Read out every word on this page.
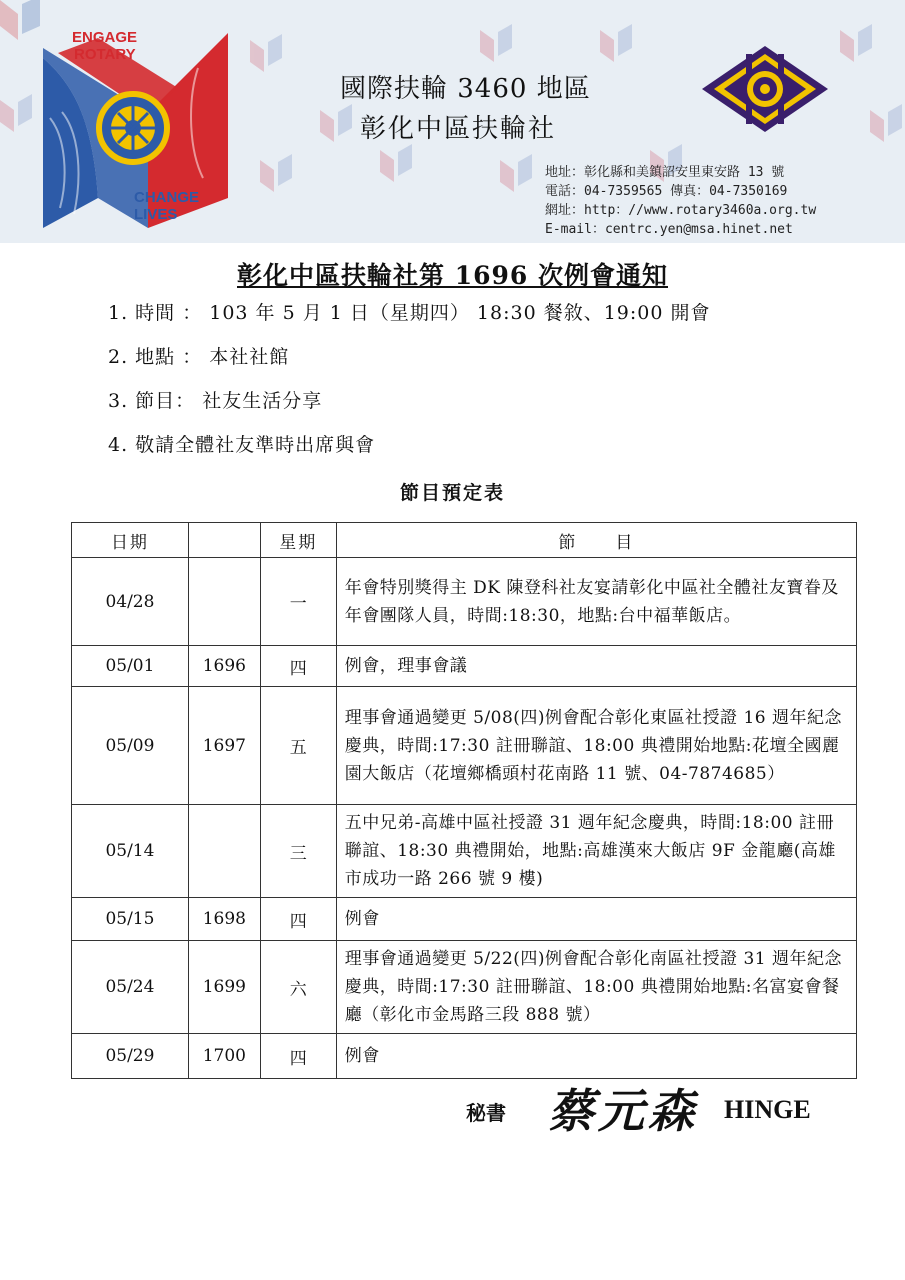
ENGAGE
ROTARY
CHANGE
LIVES
國際扶輪 3460 地區
彰化中區扶輪社
地址：彰化縣和美鎮詔安里東安路 13 號
電話：04-7359565 傳真：04-7350169
網址：http：//www.rotary3460a.org.tw
E-mail：centrc.yen@msa.hinet.net
彰化中區扶輪社第 1696 次例會通知
1. 時間 ： 103 年 5 月 1 日（星期四） 18:30 餐敘、19:00 開會
2. 地點 ： 本社社館
3. 節目： 社友生活分享
4. 敬請全體社友準時出席與會
節目預定表
日期		星期	節　　目
04/28		一	年會特別獎得主 DK 陳登科社友宴請彰化中區社全體社友寶眷及年會團隊人員，時間:18:30，地點:台中福華飯店。
05/01	1696	四	例會，理事會議
05/09	1697	五	理事會通過變更 5/08(四)例會配合彰化東區社授證 16 週年紀念慶典，時間:17:30 註冊聯誼、18:00 典禮開始地點:花壇全國麗園大飯店（花壇鄉橋頭村花南路 11 號、04-7874685）
05/14		三	五中兄弟-高雄中區社授證 31 週年紀念慶典，時間:18:00 註冊聯誼、18:30 典禮開始，地點:高雄漢來大飯店 9F 金龍廳(高雄市成功一路 266 號 9 樓)
05/15	1698	四	例會
05/24	1699	六	理事會通過變更 5/22(四)例會配合彰化南區社授證 31 週年紀念慶典，時間:17:30 註冊聯誼、18:00 典禮開始地點:名富宴會餐廳（彰化市金馬路三段 888 號）
05/29	1700	四	例會
秘書 蔡元森 HINGE
